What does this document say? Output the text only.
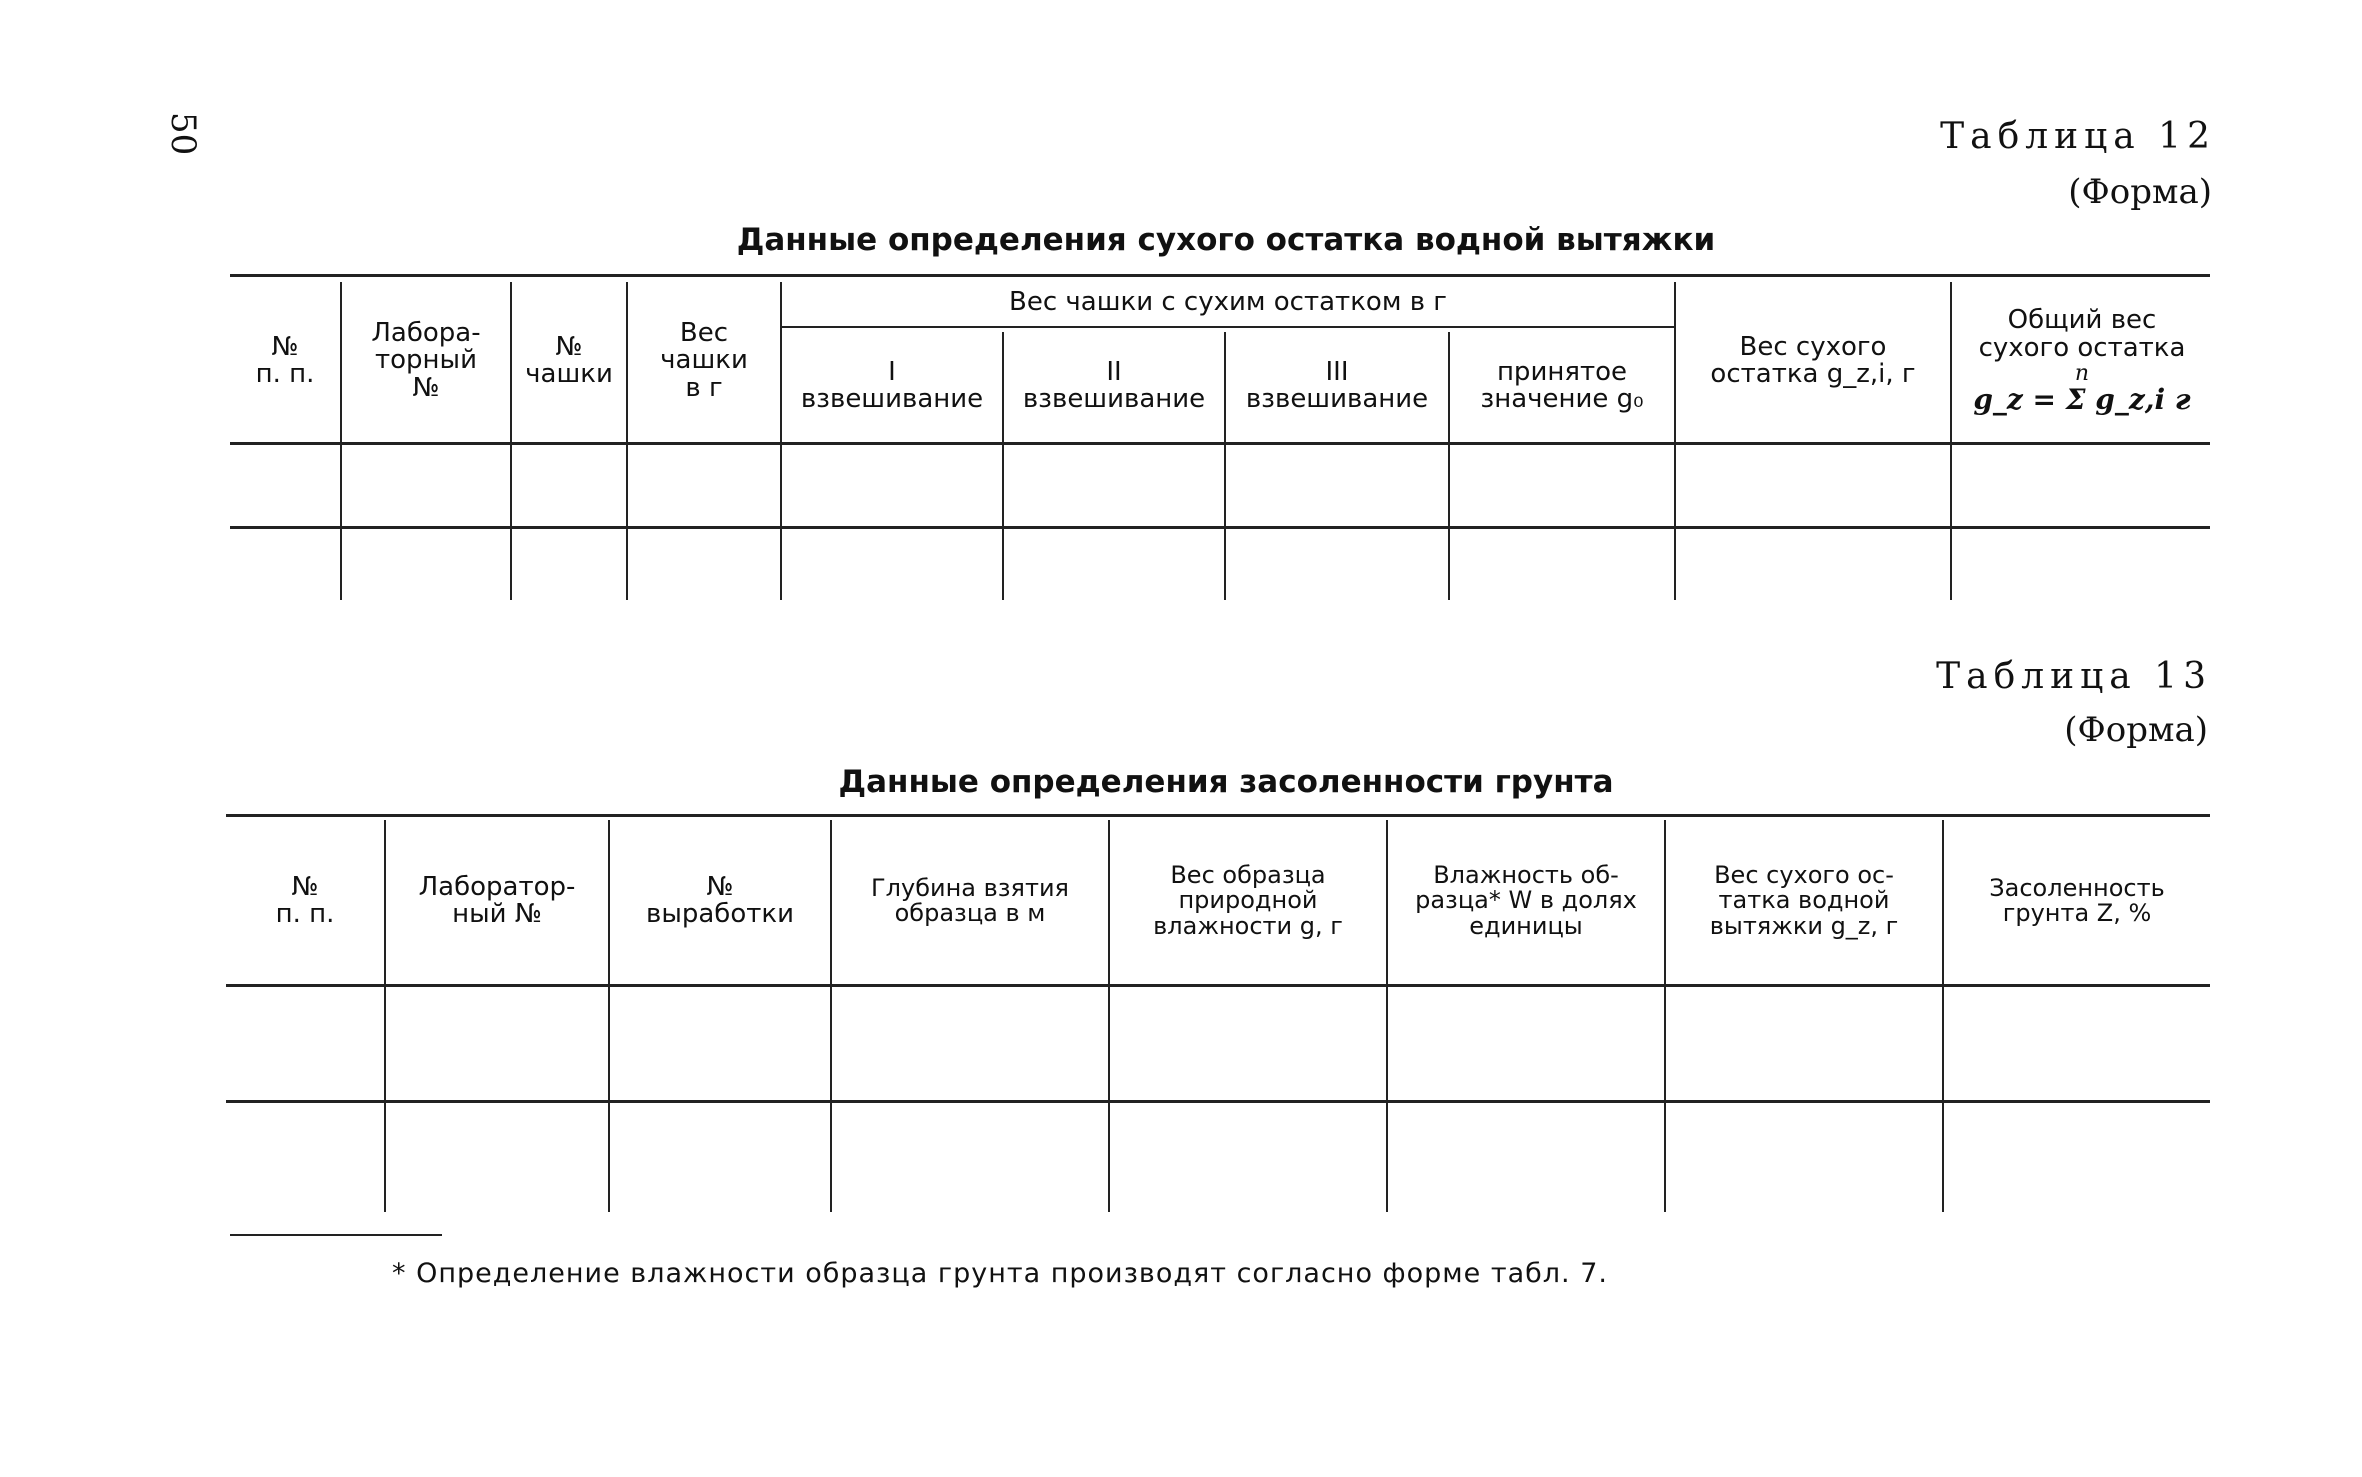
50	Таблица 12
(Форма)
Данные определения сухого остатка водной вытяжки
№
п. п.
Лабора-
торный
№
№
чашки
Вес
чашки
в г
Вес чашки с сухим остатком в г
I
взвешивание
II
взвешивание
III
взвешивание
принятое
значение g₀
Вес сухого
остатка g_z,i, г
Общий вес
сухого остатка
n
g_z = Σ g_z,i г
Таблица 13
(Форма)
Данные определения засоленности грунта
№
п. п.
Лаборатор-
ный №
№
выработки
Глубина взятия
образца в м
Вес образца
природной
влажности g, г
Влажность об-
разца* W в долях
единицы
Вес сухого ос-
татка водной
вытяжки g_z, г
Засоленность
грунта Z, %
* Определение влажности образца грунта производят согласно форме табл. 7.
